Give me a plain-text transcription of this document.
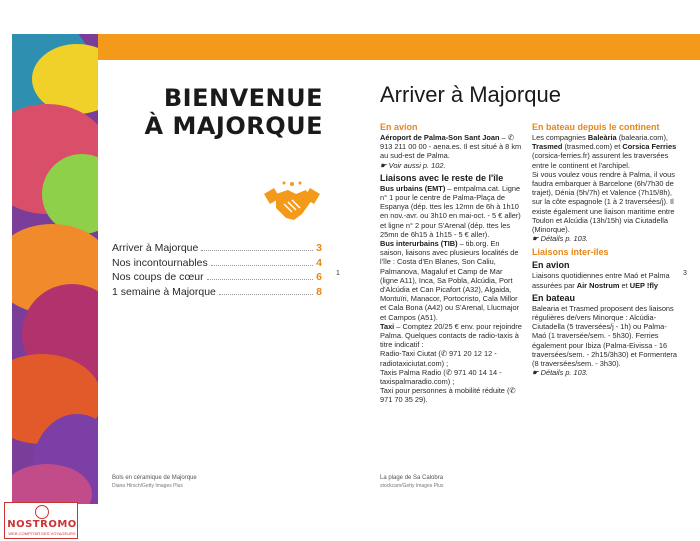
BIENVENUE
À MAJORQUE
Arriver à Majorque	3
Nos incontournables	4
Nos coups de cœur	6
1 semaine à Majorque	8
1
Bols en céramique de Majorque
Diana Hirsch/Getty Images Plus
Arriver à Majorque
En avion

Aéroport de Palma-Son Sant Joan – ✆ 913 211 00 00 - aena.es. Il est situé à 8 km au sud-est de Palma.

☛ Voir aussi p. 102.

Liaisons avec le reste de l'île

Bus urbains (EMT) – emtpalma.cat. Ligne n° 1 pour le centre de Palma-Plaça de Espanya (dép. ttes les 12mn de 6h à 1h10 en nov.-avr. ou 3h10 en mai-oct. - 5 € aller) et ligne n° 2 pour S'Arenal (dép. ttes les 25mn de 6h15 à 1h15 - 5 € aller).

Bus interurbains (TIB) – tib.org. En saison, liaisons avec plusieurs localités de l'île : Costa d'En Blanes, Son Caliu, Palmanova, Magaluf et Camp de Mar (ligne A11), Inca, Sa Pobla, Alcúdia, Port d'Alcúdia et Can Picafort (A32), Algaida, Montuïri, Manacor, Portocristo, Cala Millor et Cala Bona (A42) ou S'Arenal, Llucmajor et Campos (A51).

Taxi – Comptez 20/25 € env. pour rejoindre Palma. Quelques contacts de radio-taxis à titre indicatif :

Radio-Taxi Ciutat (✆ 971 20 12 12 - radiotaxiciutat.com) ;

Taxis Palma Radio (✆ 971 40 14 14 - taxispalmaradio.com) ;

Taxi pour personnes à mobilité réduite (✆ 971 70 35 29).

En bateau depuis le continent

Les compagnies Baleària (balearia.com), Trasmed (trasmed.com) et Corsica Ferries (corsica-ferries.fr) assurent les traversées entre le continent et l'archipel.

Si vous voulez vous rendre à Palma, il vous faudra embarquer à Barcelone (6h/7h30 de trajet), Dénia (5h/7h) et Valence (7h15/8h), sur la côte espagnole (1 à 2 traversées/j). Il existe également une liaison maritime entre Toulon et Alcúdia (13h/15h) via Ciutadella (Minorque).

☛ Détails p. 103.

Liaisons inter-îles
En avion

Liaisons quotidiennes entre Maó et Palma assurées par Air Nostrum et UEP !fly

En bateau

Balearia et Trasmed proposent des liaisons régulières de/vers Minorque : Alcúdia-Ciutadella (5 traversées/j - 1h) ou Palma-Maó (1 traversée/sem. - 5h30). Ferries également pour Ibiza (Palma-Eivissa - 16 traversées/sem. - 2h15/3h30) et Formentera (8 traversées/sem. - 3h30).

☛ Détails p. 103.

3
La plage de Sa Calobra
stockcam/Getty Images Plus
NOSTROMO
WEB COMPTOIR DES VOYAGEURS
